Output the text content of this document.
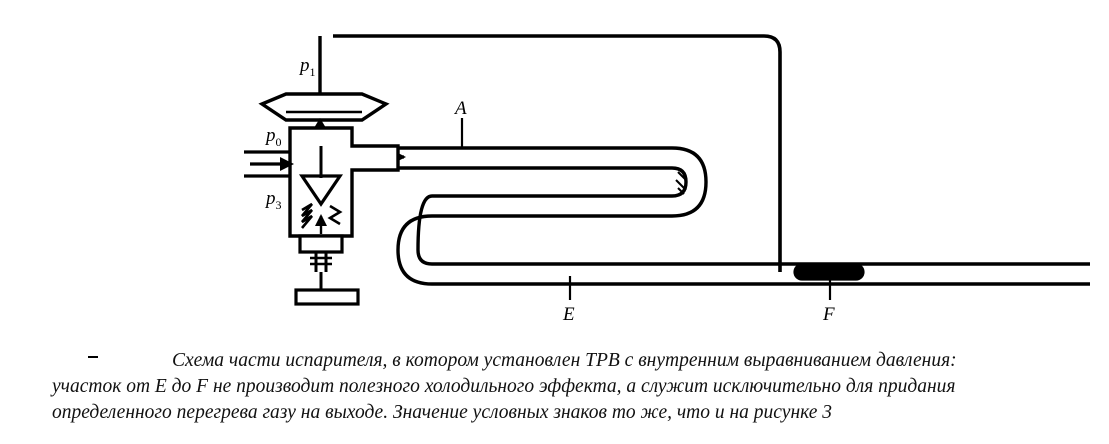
$p_1$
$p_0$
$p_3$
A
E	F
Схема части испарителя, в котором установлен ТРВ с внутренним выравниванием давления:
участок от E до F не производит полезного холодильного эффекта, а служит исключительно для придания
определенного перегрева газу на выходе. Значение условных знаков то же, что и на рисунке 3
